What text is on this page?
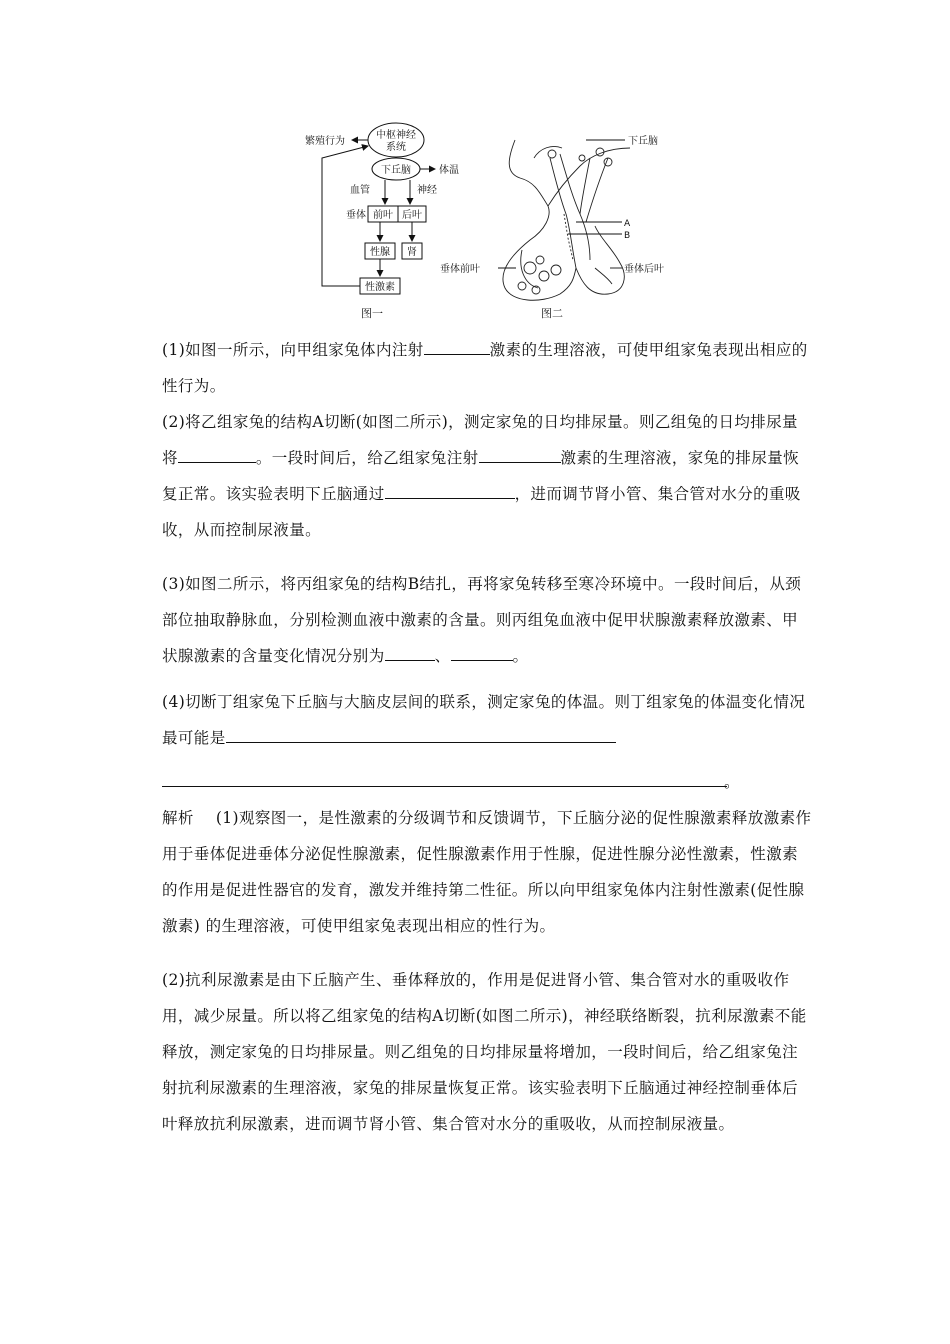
中枢神经
系统
繁殖行为
下丘脑	体温
血管	神经
垂体 前叶 后叶
性腺 肾
性激素
图一
下丘脑
A
B
垂体前叶	垂体后叶
图二

(1)如图一所示，向甲组家兔体内注射	激素的生理溶液，可使甲组家兔表现出相应的性行为。

(2)将乙组家兔的结构A切断(如图二所示)，测定家兔的日均排尿量。则乙组兔的日均排尿量将	。一段时间后，给乙组家兔注射	激素的生理溶液，家兔的排尿量恢复正常。该实验表明下丘脑通过	，进而调节肾小管、集合管对水分的重吸收，从而控制尿液量。

(3)如图二所示，将丙组家兔的结构B结扎，再将家兔转移至寒冷环境中。一段时间后，从颈部位抽取静脉血，分别检测血液中激素的含量。则丙组兔血液中促甲状腺激素释放激素、甲状腺激素的含量变化情况分别为	、	。

(4)切断丁组家兔下丘脑与大脑皮层间的联系，测定家兔的体温。则丁组家兔的体温变化情况最可能是

。

解析 (1)观察图一，是性激素的分级调节和反馈调节，下丘脑分泌的促性腺激素释放激素作用于垂体促进垂体分泌促性腺激素，促性腺激素作用于性腺，促进性腺分泌性激素，性激素的作用是促进性器官的发育，激发并维持第二性征。所以向甲组家兔体内注射性激素(促性腺激素) 的生理溶液，可使甲组家兔表现出相应的性行为。

(2)抗利尿激素是由下丘脑产生、垂体释放的，作用是促进肾小管、集合管对水的重吸收作用，减少尿量。所以将乙组家兔的结构A切断(如图二所示)，神经联络断裂，抗利尿激素不能释放，测定家兔的日均排尿量。则乙组兔的日均排尿量将增加，一段时间后，给乙组家兔注射抗利尿激素的生理溶液，家兔的排尿量恢复正常。该实验表明下丘脑通过神经控制垂体后叶释放抗利尿激素，进而调节肾小管、集合管对水分的重吸收，从而控制尿液量。
